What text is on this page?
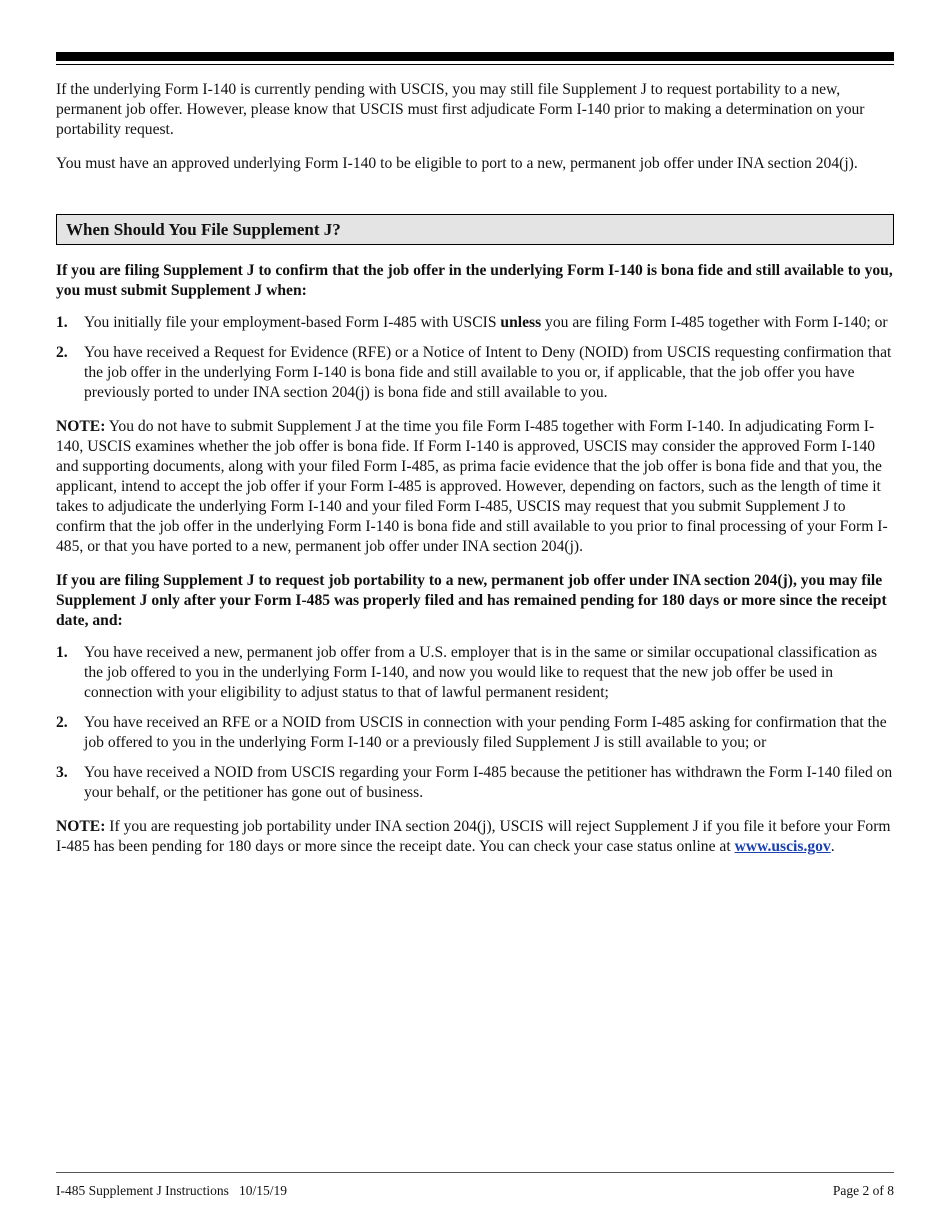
If the underlying Form I-140 is currently pending with USCIS, you may still file Supplement J to request portability to a new, permanent job offer. However, please know that USCIS must first adjudicate Form I-140 prior to making a determination on your portability request.

You must have an approved underlying Form I-140 to be eligible to port to a new, permanent job offer under INA section 204(j).

When Should You File Supplement J?

If you are filing Supplement J to confirm that the job offer in the underlying Form I-140 is bona fide and still available to you, you must submit Supplement J when:

1. You initially file your employment-based Form I-485 with USCIS unless you are filing Form I-485 together with Form I-140; or
2. You have received a Request for Evidence (RFE) or a Notice of Intent to Deny (NOID) from USCIS requesting confirmation that the job offer in the underlying Form I-140 is bona fide and still available to you or, if applicable, that the job offer you have previously ported to under INA section 204(j) is bona fide and still available to you.

NOTE: You do not have to submit Supplement J at the time you file Form I-485 together with Form I-140. In adjudicating Form I-140, USCIS examines whether the job offer is bona fide. If Form I-140 is approved, USCIS may consider the approved Form I-140 and supporting documents, along with your filed Form I-485, as prima facie evidence that the job offer is bona fide and that you, the applicant, intend to accept the job offer if your Form I-485 is approved. However, depending on factors, such as the length of time it takes to adjudicate the underlying Form I-140 and your filed Form I-485, USCIS may request that you submit Supplement J to confirm that the job offer in the underlying Form I-140 is bona fide and still available to you prior to final processing of your Form I-485, or that you have ported to a new, permanent job offer under INA section 204(j).

If you are filing Supplement J to request job portability to a new, permanent job offer under INA section 204(j), you may file Supplement J only after your Form I-485 was properly filed and has remained pending for 180 days or more since the receipt date, and:

1. You have received a new, permanent job offer from a U.S. employer that is in the same or similar occupational classification as the job offered to you in the underlying Form I-140, and now you would like to request that the new job offer be used in connection with your eligibility to adjust status to that of lawful permanent resident;
2. You have received an RFE or a NOID from USCIS in connection with your pending Form I-485 asking for confirmation that the job offered to you in the underlying Form I-140 or a previously filed Supplement J is still available to you; or
3. You have received a NOID from USCIS regarding your Form I-485 because the petitioner has withdrawn the Form I-140 filed on your behalf, or the petitioner has gone out of business.

NOTE: If you are requesting job portability under INA section 204(j), USCIS will reject Supplement J if you file it before your Form I-485 has been pending for 180 days or more since the receipt date. You can check your case status online at www.uscis.gov.

I-485 Supplement J Instructions   10/15/19	Page 2 of 8
